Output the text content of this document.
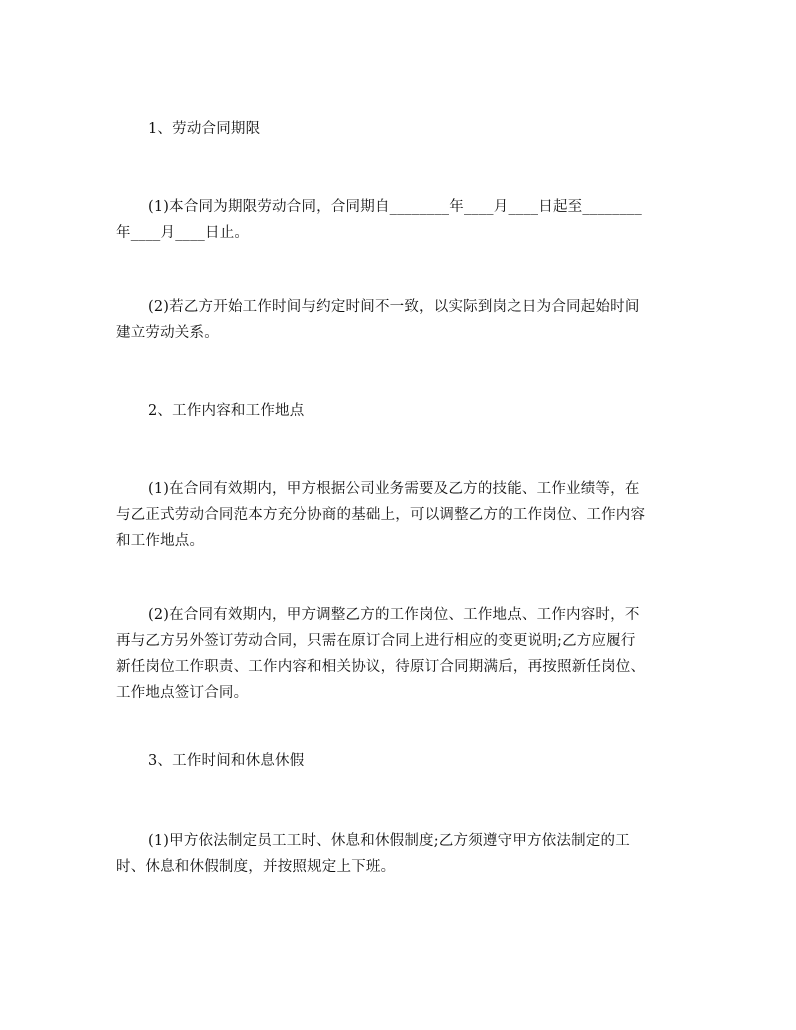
1、劳动合同期限
(1)本合同为期限劳动合同，合同期自________年____月____日起至________
年____月____日止。
(2)若乙方开始工作时间与约定时间不一致，以实际到岗之日为合同起始时间
建立劳动关系。
2、工作内容和工作地点
(1)在合同有效期内，甲方根据公司业务需要及乙方的技能、工作业绩等，在
与乙正式劳动合同范本方充分协商的基础上，可以调整乙方的工作岗位、工作内容
和工作地点。
(2)在合同有效期内，甲方调整乙方的工作岗位、工作地点、工作内容时，不
再与乙方另外签订劳动合同，只需在原订合同上进行相应的变更说明;乙方应履行
新任岗位工作职责、工作内容和相关协议，待原订合同期满后，再按照新任岗位、
工作地点签订合同。
3、工作时间和休息休假
(1)甲方依法制定员工工时、休息和休假制度;乙方须遵守甲方依法制定的工
时、休息和休假制度，并按照规定上下班。
